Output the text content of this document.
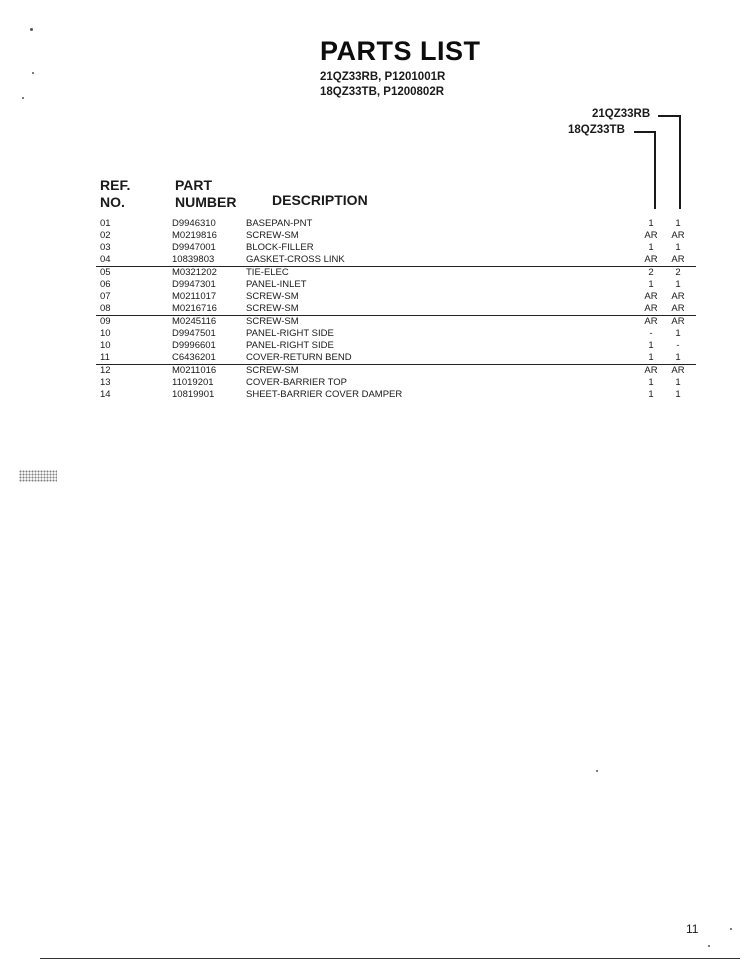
PARTS LIST
21QZ33RB, P1201001R
18QZ33TB, P1200802R
21QZ33RB
18QZ33TB
REF.
NO.
PART
NUMBER	DESCRIPTION
01	D9946310	BASEPAN-PNT	1	1
02	M0219816	SCREW-SM	AR	AR
03	D9947001	BLOCK-FILLER	1	1
04	10839803	GASKET-CROSS LINK	AR	AR
05	M0321202	TIE-ELEC	2	2
06	D9947301	PANEL-INLET	1	1
07	M0211017	SCREW-SM	AR	AR
08	M0216716	SCREW-SM	AR	AR
09	M0245116	SCREW-SM	AR	AR
10	D9947501	PANEL-RIGHT SIDE	-	1
10	D9996601	PANEL-RIGHT SIDE	1	-
11	C6436201	COVER-RETURN BEND	1	1
12	M0211016	SCREW-SM	AR	AR
13	11019201	COVER-BARRIER TOP	1	1
14	10819901	SHEET-BARRIER COVER DAMPER	1	1
11
